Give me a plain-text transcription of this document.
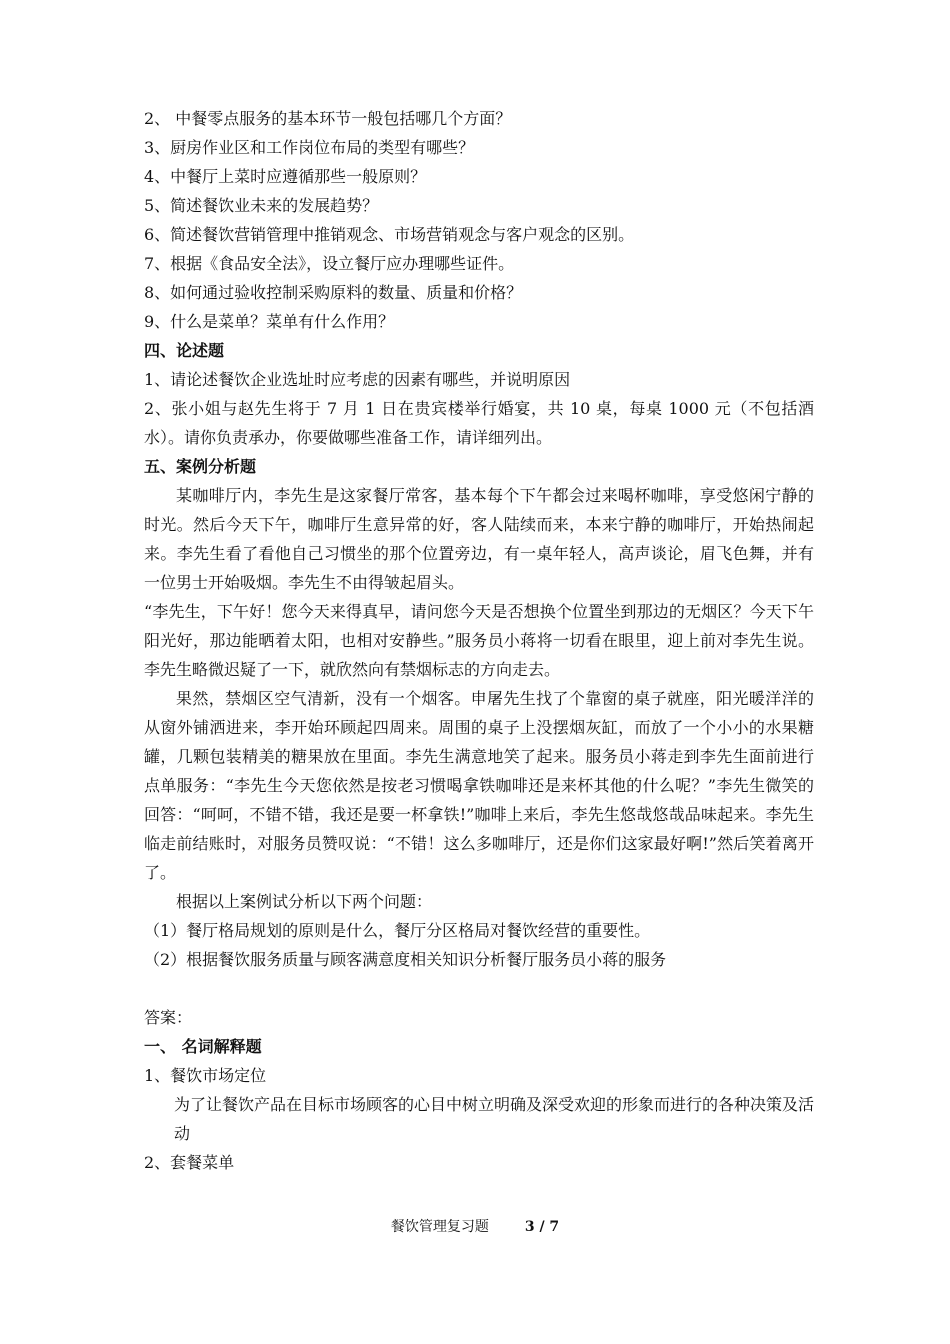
2、 中餐零点服务的基本环节一般包括哪几个方面？
3、厨房作业区和工作岗位布局的类型有哪些？
4、中餐厅上菜时应遵循那些一般原则？
5、简述餐饮业未来的发展趋势？
6、简述餐饮营销管理中推销观念、市场营销观念与客户观念的区别。
7、根据《食品安全法》，设立餐厅应办理哪些证件。
8、如何通过验收控制采购原料的数量、质量和价格？
9、什么是菜单？菜单有什么作用？
四、论述题
1、请论述餐饮企业选址时应考虑的因素有哪些，并说明原因
2、张小姐与赵先生将于 7 月 1 日在贵宾楼举行婚宴，共 10 桌，每桌 1000 元（不包括酒水）。请你负责承办，你要做哪些准备工作，请详细列出。
五、案例分析题
某咖啡厅内，李先生是这家餐厅常客，基本每个下午都会过来喝杯咖啡，享受悠闲宁静的时光。然后今天下午，咖啡厅生意异常的好，客人陆续而来，本来宁静的咖啡厅，开始热闹起来。李先生看了看他自己习惯坐的那个位置旁边，有一桌年轻人，高声谈论，眉飞色舞，并有一位男士开始吸烟。李先生不由得皱起眉头。
“李先生，下午好！您今天来得真早，请问您今天是否想换个位置坐到那边的无烟区？今天下午阳光好，那边能晒着太阳，也相对安静些。”服务员小蒋将一切看在眼里，迎上前对李先生说。李先生略微迟疑了一下，就欣然向有禁烟标志的方向走去。
果然，禁烟区空气清新，没有一个烟客。申屠先生找了个靠窗的桌子就座，阳光暖洋洋的从窗外铺洒进来，李开始环顾起四周来。周围的桌子上没摆烟灰缸，而放了一个小小的水果糖罐，几颗包装精美的糖果放在里面。李先生满意地笑了起来。服务员小蒋走到李先生面前进行点单服务：“李先生今天您依然是按老习惯喝拿铁咖啡还是来杯其他的什么呢？”李先生微笑的回答：“呵呵，不错不错，我还是要一杯拿铁!”咖啡上来后，李先生悠哉悠哉品味起来。李先生临走前结账时，对服务员赞叹说：“不错！这么多咖啡厅，还是你们这家最好啊!”然后笑着离开了。
根据以上案例试分析以下两个问题：
（1）餐厅格局规划的原则是什么，餐厅分区格局对餐饮经营的重要性。
（2）根据餐饮服务质量与顾客满意度相关知识分析餐厅服务员小蒋的服务
答案：
一、 名词解释题
1、餐饮市场定位
为了让餐饮产品在目标市场顾客的心目中树立明确及深受欢迎的形象而进行的各种决策及活动
2、套餐菜单
餐饮管理复习题	3 / 7
